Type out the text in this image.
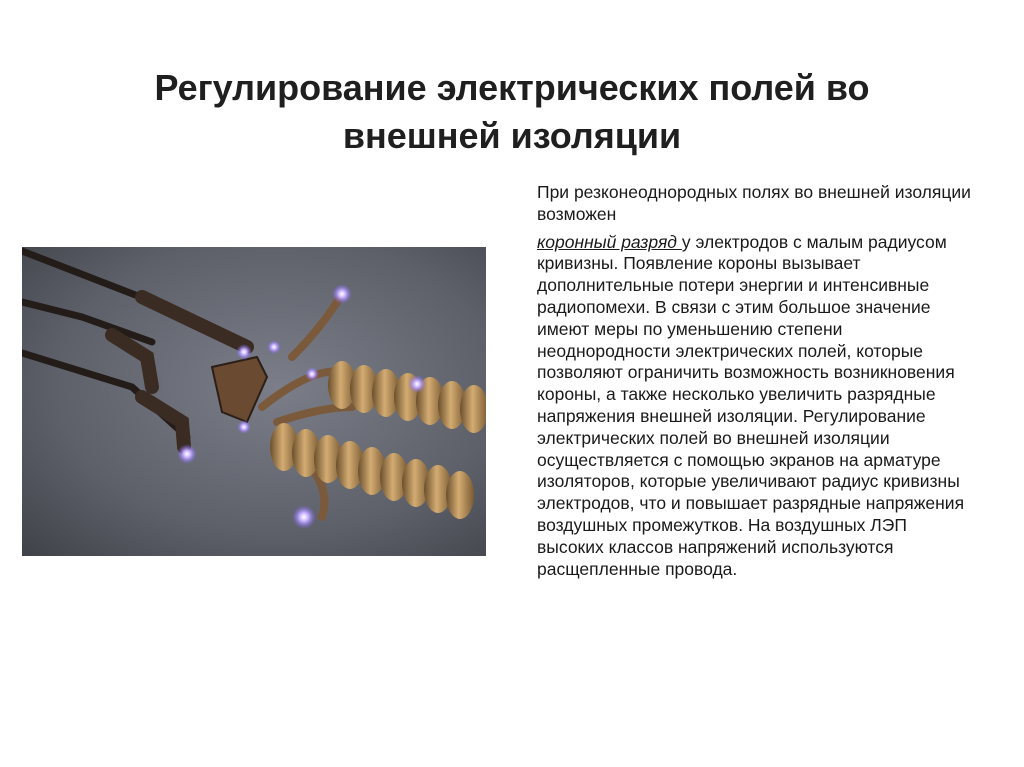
Регулирование электрических полей во
внешней изоляции

При резконеоднородных полях во внешней изоляции возможен

коронный разряд у электродов с малым радиусом кривизны. Появление короны вызывает дополнительные потери энергии и интенсивные радиопомехи. В связи с этим большое значение имеют меры по уменьшению степени неоднородности электрических полей, которые позволяют ограничить возможность возникновения короны, а также несколько увеличить разрядные напряжения внешней изоляции. Регулирование электрических полей во внешней изоляции осуществляется с помощью экранов на арматуре изоляторов, которые увеличивают радиус кривизны электродов, что и повышает разрядные напряжения воздушных промежутков. На воздушных ЛЭП высоких классов напряжений используются расщепленные провода.
